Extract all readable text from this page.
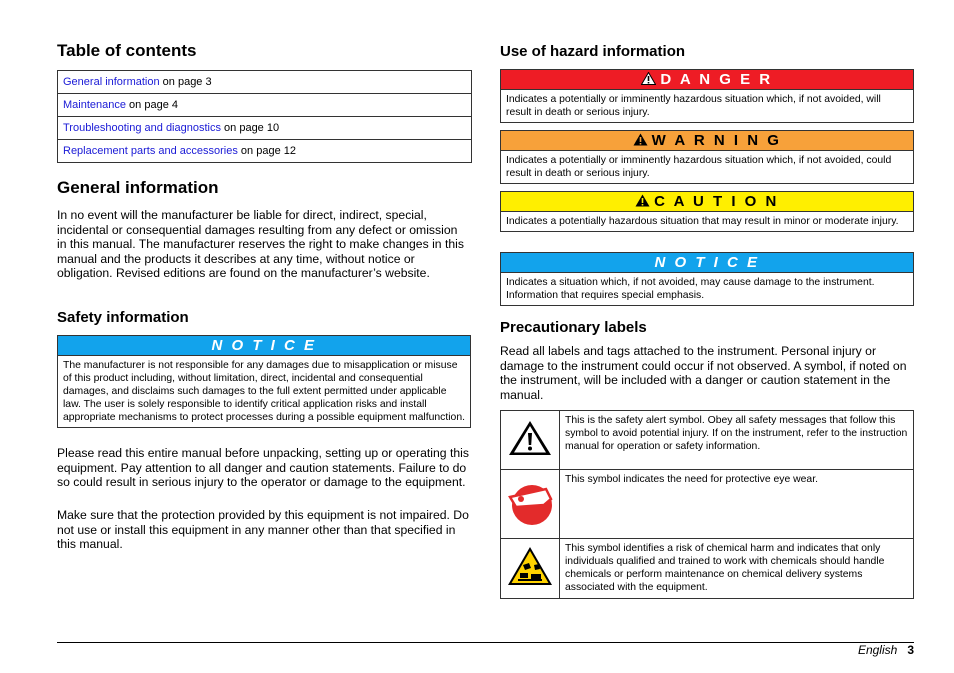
Table of contents
General information on page 3
Maintenance on page 4
Troubleshooting and diagnostics on page 10
Replacement parts and accessories on page 12
General information

In no event will the manufacturer be liable for direct, indirect, special, incidental or consequential damages resulting from any defect or omission in this manual. The manufacturer reserves the right to make changes in this manual and the products it describes at any time, without notice or obligation. Revised editions are found on the manufacturer’s website.

Safety information
N O T I C E
The manufacturer is not responsible for any damages due to misapplication or misuse of this product including, without limitation, direct, incidental and consequential damages, and disclaims such damages to the full extent permitted under applicable law. The user is solely responsible to identify critical application risks and install appropriate mechanisms to protect processes during a possible equipment malfunction.

Please read this entire manual before unpacking, setting up or operating this equipment. Pay attention to all danger and caution statements. Failure to do so could result in serious injury to the operator or damage to the equipment.

Make sure that the protection provided by this equipment is not impaired. Do not use or install this equipment in any manner other than that specified in this manual.

Use of hazard information
D A N G E R
Indicates a potentially or imminently hazardous situation which, if not avoided, will result in death or serious injury.
W A R N I N G
Indicates a potentially or imminently hazardous situation which, if not avoided, could result in death or serious injury.
C A U T I O N
Indicates a potentially hazardous situation that may result in minor or moderate injury.
N O T I C E
Indicates a situation which, if not avoided, may cause damage to the instrument. Information that requires special emphasis.
Precautionary labels

Read all labels and tags attached to the instrument. Personal injury or damage to the instrument could occur if not observed. A symbol, if noted on the instrument, will be included with a danger or caution statement in the manual.

	This is the safety alert symbol. Obey all safety messages that follow this symbol to avoid potential injury. If on the instrument, refer to the instruction manual for operation or safety information.
	This symbol indicates the need for protective eye wear.
	This symbol identifies a risk of chemical harm and indicates that only individuals qualified and trained to work with chemicals should handle chemicals or perform maintenance on chemical delivery systems associated with the equipment.
English 3
